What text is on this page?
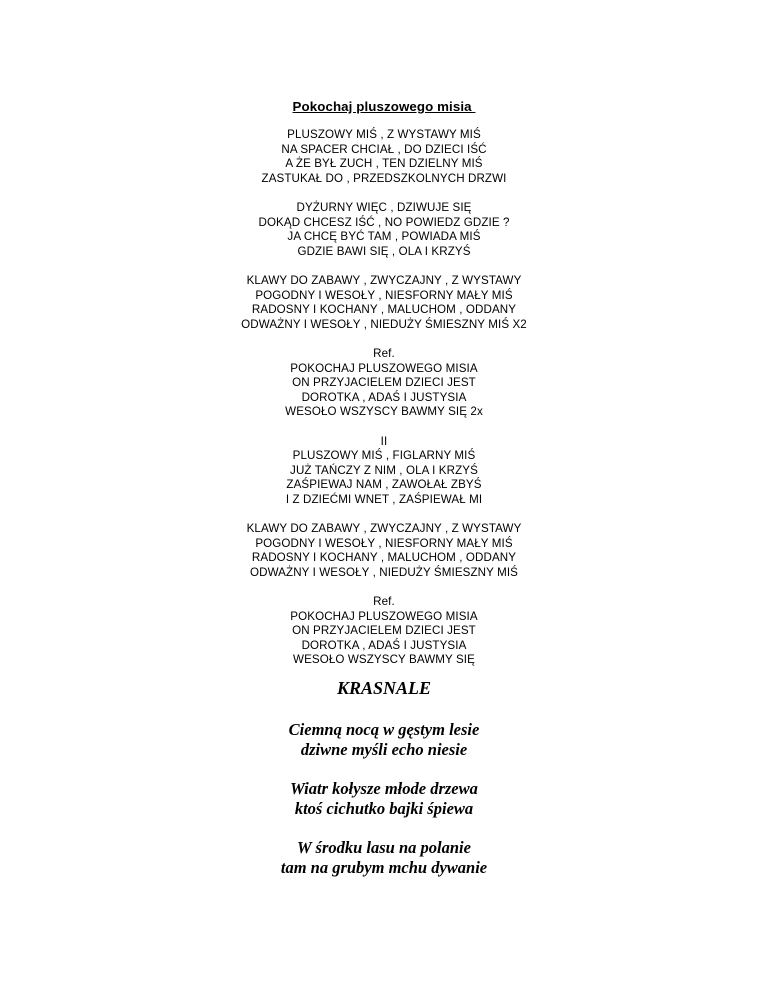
Pokochaj pluszowego misia
PLUSZOWY MIŚ , Z WYSTAWY MIŚ
NA SPACER CHCIAŁ , DO DZIECI IŚĆ
A ŻE BYŁ ZUCH , TEN DZIELNY MIŚ
ZASTUKAŁ DO , PRZEDSZKOLNYCH DRZWI
DYŻURNY WIĘC , DZIWUJE SIĘ
DOKĄD CHCESZ IŚĆ , NO POWIEDZ GDZIE ?
JA CHCĘ BYĆ TAM , POWIADA MIŚ
GDZIE BAWI SIĘ , OLA I KRZYŚ
KLAWY DO ZABAWY , ZWYCZAJNY , Z WYSTAWY
POGODNY I WESOŁY , NIESFORNY MAŁY MIŚ
RADOSNY I KOCHANY , MALUCHOM , ODDANY
ODWAŻNY I WESOŁY , NIEDUŻY ŚMIESZNY MIŚ X2
Ref.
POKOCHAJ PLUSZOWEGO MISIA
ON PRZYJACIELEM DZIECI JEST
DOROTKA , ADAŚ I JUSTYSIA
WESOŁO WSZYSCY BAWMY SIĘ 2x
II
PLUSZOWY MIŚ , FIGLARNY MIŚ
JUŻ TAŃCZY Z NIM , OLA I KRZYŚ
ZAŚPIEWAJ NAM , ZAWOŁAŁ ZBYŚ
I Z DZIEĆMI WNET , ZAŚPIEWAŁ MI
KLAWY DO ZABAWY , ZWYCZAJNY , Z WYSTAWY
POGODNY I WESOŁY , NIESFORNY MAŁY MIŚ
RADOSNY I KOCHANY , MALUCHOM , ODDANY
ODWAŻNY I WESOŁY , NIEDUŻY ŚMIESZNY MIŚ
Ref.
POKOCHAJ PLUSZOWEGO MISIA
ON PRZYJACIELEM DZIECI JEST
DOROTKA , ADAŚ I JUSTYSIA
WESOŁO WSZYSCY BAWMY SIĘ
KRASNALE
Ciemną nocą w gęstym lesie
dziwne myśli echo niesie
Wiatr kołysze młode drzewa
ktoś cichutko bajki śpiewa
W środku lasu na polanie
tam na grubym mchu dywanie
